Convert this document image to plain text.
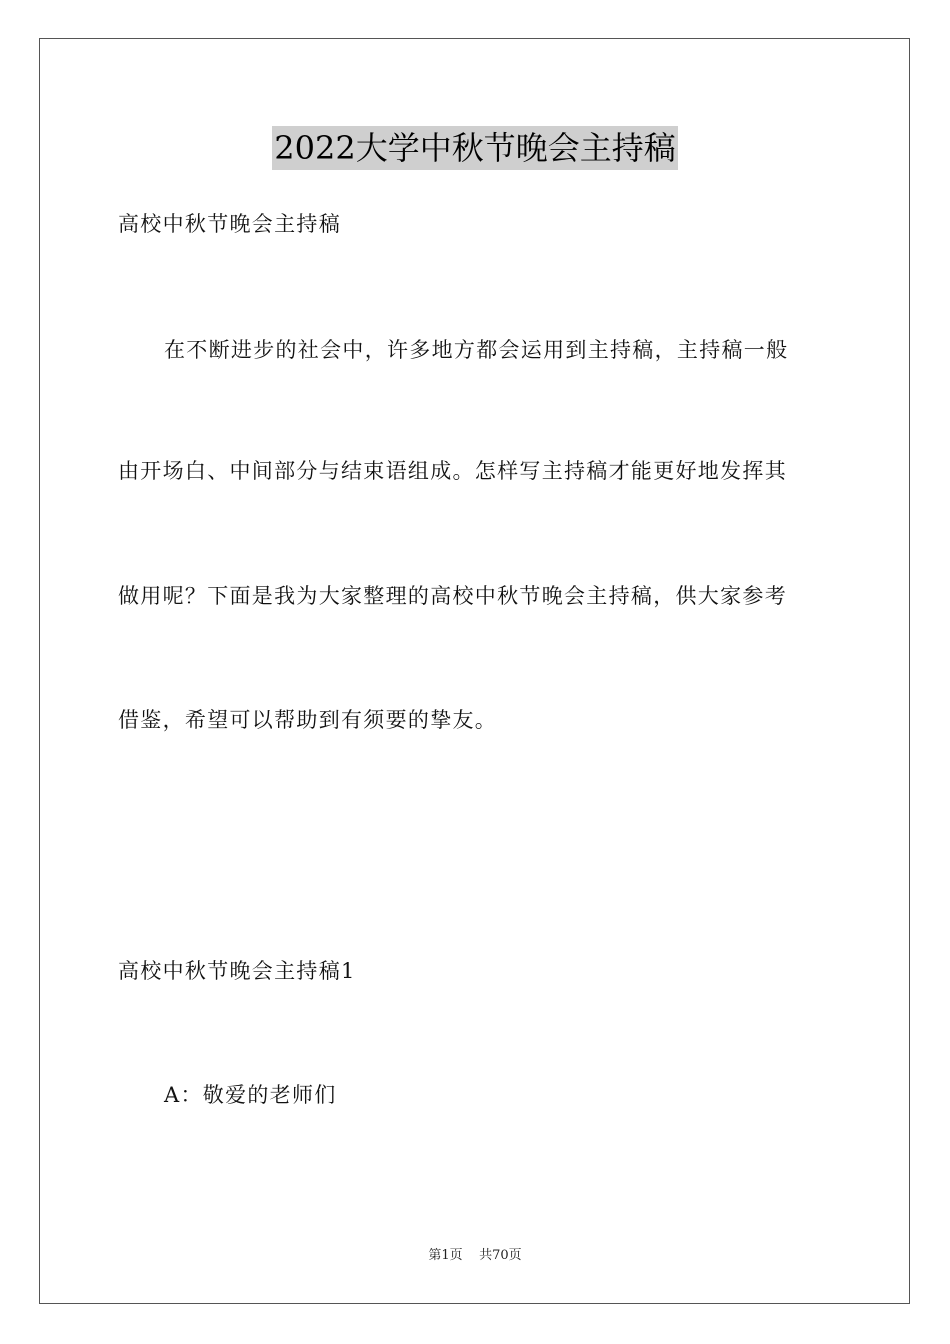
2022大学中秋节晚会主持稿
高校中秋节晚会主持稿
在不断进步的社会中，许多地方都会运用到主持稿，主持稿一般
由开场白、中间部分与结束语组成。怎样写主持稿才能更好地发挥其
做用呢？下面是我为大家整理的高校中秋节晚会主持稿，供大家参考
借鉴，希望可以帮助到有须要的挚友。
高校中秋节晚会主持稿1
A：敬爱的老师们
第1页 共70页
